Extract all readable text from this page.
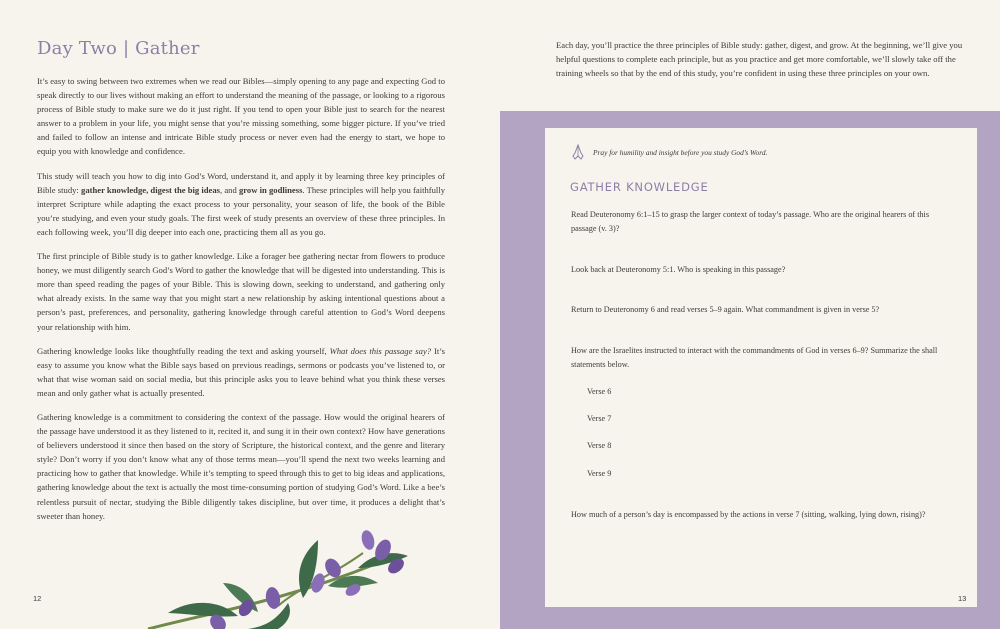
Day Two | Gather

It’s easy to swing between two extremes when we read our Bibles—simply opening to any page and expecting God to speak directly to our lives without making an effort to understand the meaning of the passage, or looking to a rigorous process of Bible study to make sure we do it just right. If you tend to open your Bible just to search for the nearest answer to a problem in your life, you might sense that you’re missing something, some bigger picture. If you’ve tried and failed to follow an intense and intricate Bible study process or never even had the energy to start, we hope to equip you with knowledge and confidence.

This study will teach you how to dig into God’s Word, understand it, and apply it by learning three key principles of Bible study: gather knowledge, digest the big ideas, and grow in godliness. These principles will help you faithfully interpret Scripture while adapting the exact process to your personality, your season of life, the book of the Bible you’re studying, and even your study goals. The first week of study presents an overview of these three principles. In each following week, you’ll dig deeper into each one, practicing them all as you go.

The first principle of Bible study is to gather knowledge. Like a forager bee gathering nectar from flowers to produce honey, we must diligently search God’s Word to gather the knowledge that will be digested into understanding. This is more than speed reading the pages of your Bible. This is slowing down, seeking to understand, and gathering only what already exists. In the same way that you might start a new relationship by asking intentional questions about a person’s past, preferences, and personality, gathering knowledge through careful attention to God’s Word deepens your relationship with him.

Gathering knowledge looks like thoughtfully reading the text and asking yourself, What does this passage say? It’s easy to assume you know what the Bible says based on previous readings, sermons or podcasts you’ve listened to, or what that wise woman said on social media, but this principle asks you to leave behind what you think these verses mean and only gather what is actually presented.

Gathering knowledge is a commitment to considering the context of the passage. How would the original hearers of the passage have understood it as they listened to it, recited it, and sung it in their own context? How have generations of believers understood it since then based on the story of Scripture, the historical context, and the genre and literary style? Don’t worry if you don’t know what any of those terms mean—you’ll spend the next two weeks learning and practicing how to gather that knowledge. While it’s tempting to speed through this to get to big ideas and applications, gathering knowledge about the text is actually the most time-consuming portion of studying God’s Word. Like a bee’s relentless pursuit of nectar, studying the Bible diligently takes discipline, but over time, it produces a delight that’s sweeter than honey.

12

Each day, you’ll practice the three principles of Bible study: gather, digest, and grow. At the beginning, we’ll give you helpful questions to complete each principle, but as you practice and get more comfortable, we’ll slowly take off the training wheels so that by the end of this study, you’re confident in using these three principles on your own.

Pray for humility and insight before you study God’s Word.
GATHER KNOWLEDGE

Read Deuteronomy 6:1–15 to grasp the larger context of today’s passage. Who are the original hearers of this passage (v. 3)?

Look back at Deuteronomy 5:1. Who is speaking in this passage?

Return to Deuteronomy 6 and read verses 5–9 again. What commandment is given in verse 5?

How are the Israelites instructed to interact with the commandments of God in verses 6–9? Summarize the shall statements below.

Verse 6

Verse 7

Verse 8

Verse 9

How much of a person’s day is encompassed by the actions in verse 7 (sitting, walking, lying down, rising)?

13
